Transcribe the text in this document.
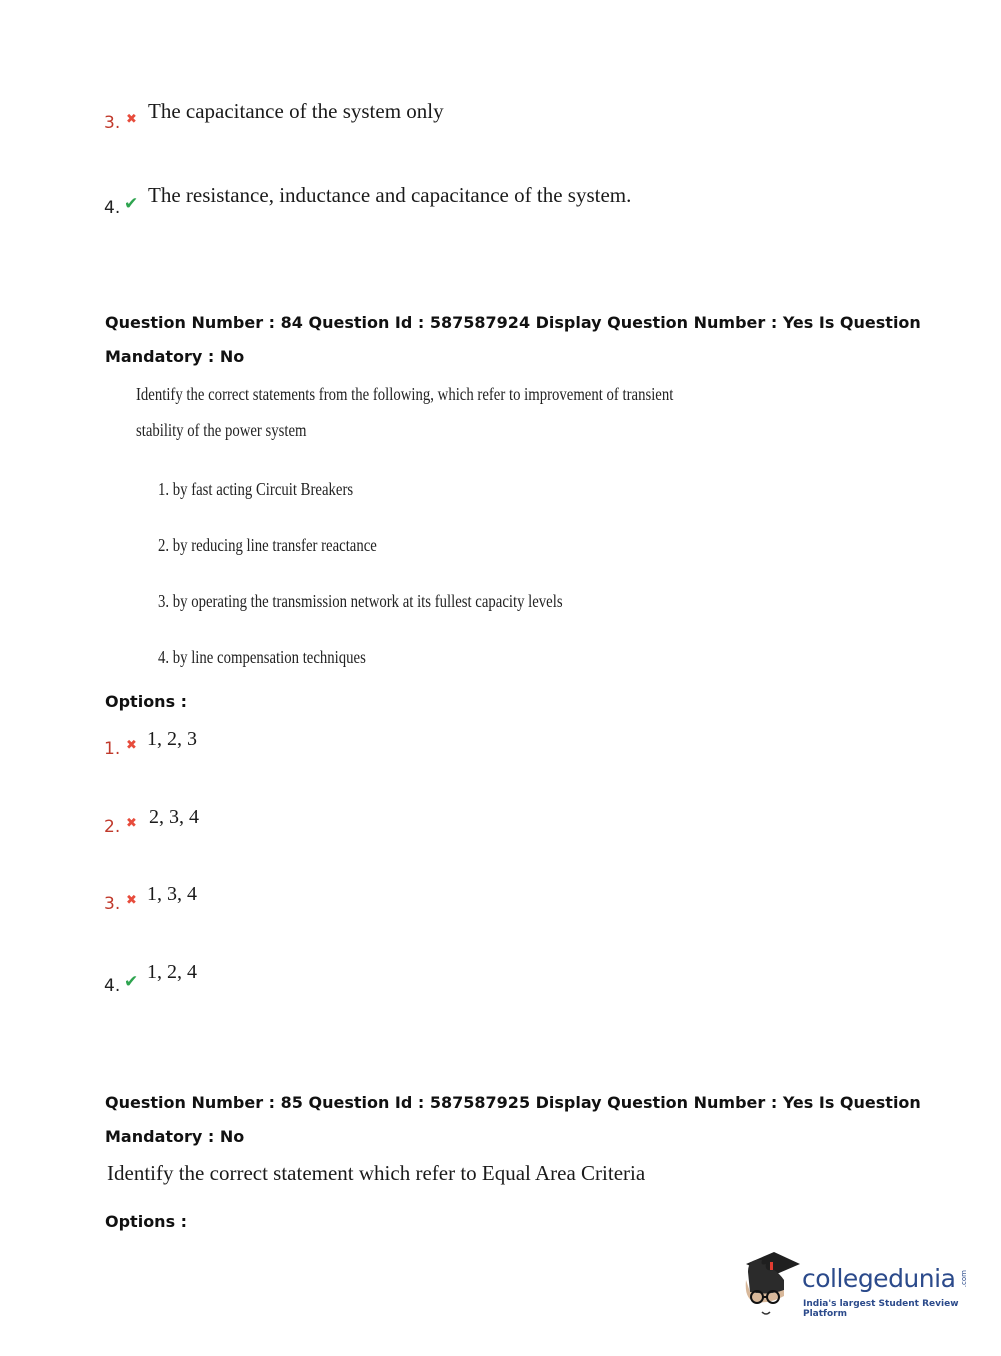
3. ✖ The capacitance of the system only
4. ✔ The resistance, inductance and capacitance of the system.
Question Number : 84 Question Id : 587587924 Display Question Number : Yes Is Question
Mandatory : No
Identify the correct statements from the following, which refer to improvement of transient
stability of the power system
1. by fast acting Circuit Breakers
2. by reducing line transfer reactance
3. by operating the transmission network at its fullest capacity levels
4. by line compensation techniques
Options :
1. ✖ 1, 2, 3
2. ✖ 2, 3, 4
3. ✖ 1, 3, 4
4. ✔ 1, 2, 4
Question Number : 85 Question Id : 587587925 Display Question Number : Yes Is Question
Mandatory : No
Identify the correct statement which refer to Equal Area Criteria
Options :
collegedunia .com
India's largest Student Review Platform
